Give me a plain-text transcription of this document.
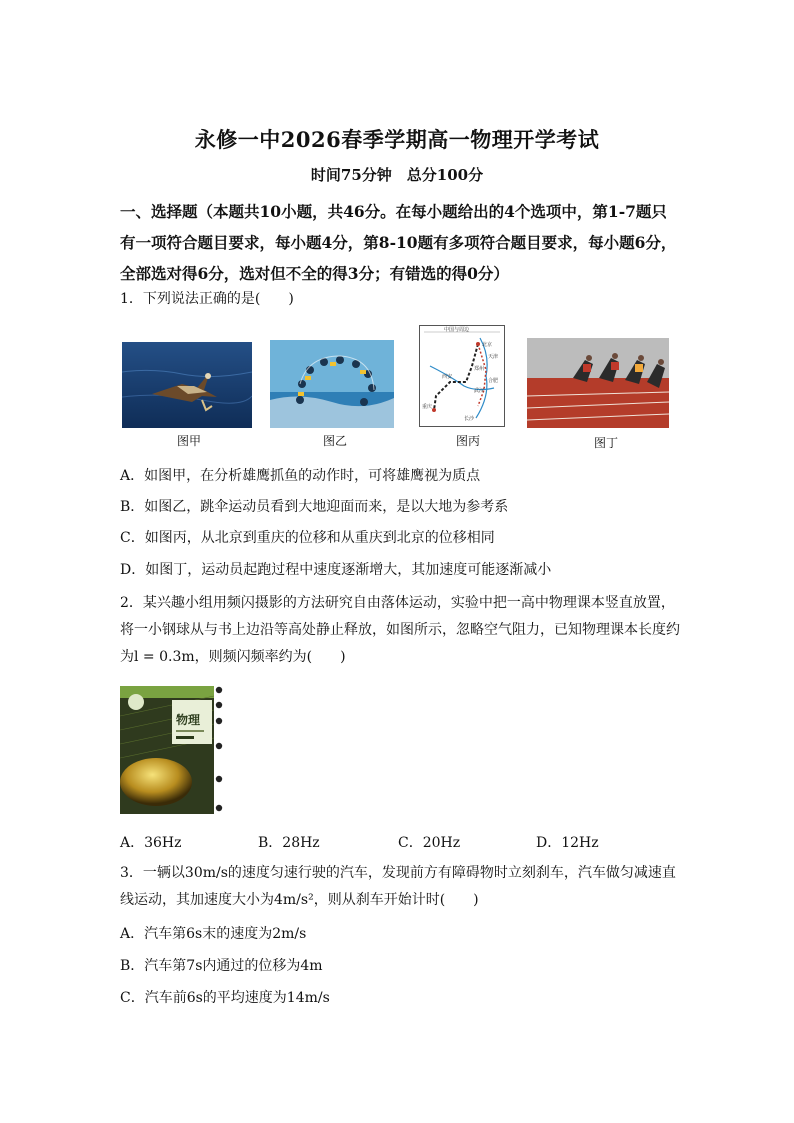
永修一中2026春季学期高一物理开学考试
时间75分钟　总分100分
一、选择题（本题共10小题，共46分。在每小题给出的4个选项中，第1-7题只有一项符合题目要求，每小题4分，第8-10题有多项符合题目要求，每小题6分，全部选对得6分，选对但不全的得3分；有错选的得0分）
1．下列说法正确的是(　　)
图甲	图乙
中国与周边
北京
天津
郑州
武汉
西安
合肥
重庆
长沙
图丙	图丁
A．如图甲，在分析雄鹰抓鱼的动作时，可将雄鹰视为质点
B．如图乙，跳伞运动员看到大地迎面而来，是以大地为参考系
C．如图丙，从北京到重庆的位移和从重庆到北京的位移相同
D．如图丁，运动员起跑过程中速度逐渐增大，其加速度可能逐渐减小
2．某兴趣小组用频闪摄影的方法研究自由落体运动，实验中把一高中物理课本竖直放置，将一小钢球从与书上边沿等高处静止释放，如图所示，忽略空气阻力，已知物理课本长度约为l = 0.3m，则频闪频率约为(　　)
物理
A．36Hz	B．28Hz	C．20Hz	D．12Hz
3．一辆以30m/s的速度匀速行驶的汽车，发现前方有障碍物时立刻刹车，汽车做匀减速直线运动，其加速度大小为4m/s²，则从刹车开始计时(　　)
A．汽车第6s末的速度为2m/s
B．汽车第7s内通过的位移为4m
C．汽车前6s的平均速度为14m/s
